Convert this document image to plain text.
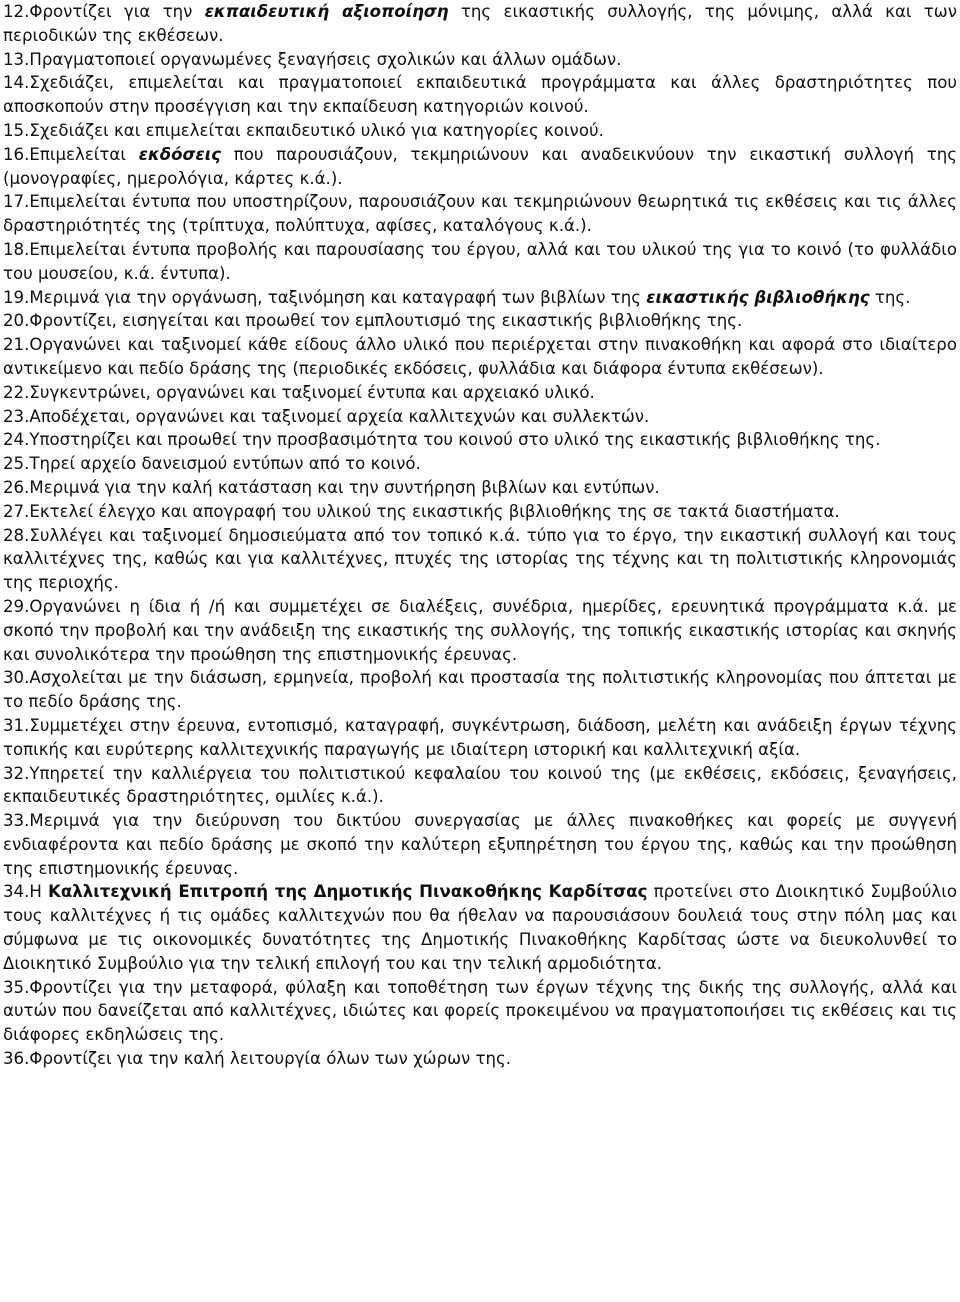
12.Φροντίζει για την εκπαιδευτική αξιοποίηση της εικαστικής συλλογής, της μόνιμης, αλλά και των περιοδικών της εκθέσεων.

13.Πραγματοποιεί οργανωμένες ξεναγήσεις σχολικών και άλλων ομάδων.

14.Σχεδιάζει, επιμελείται και πραγματοποιεί εκπαιδευτικά προγράμματα και άλλες δραστηριότητες που αποσκοπούν στην προσέγγιση και την εκπαίδευση κατηγοριών κοινού.

15.Σχεδιάζει και επιμελείται εκπαιδευτικό υλικό για κατηγορίες κοινού.

16.Επιμελείται εκδόσεις που παρουσιάζουν, τεκμηριώνουν και αναδεικνύουν την εικαστική συλλογή της (μονογραφίες, ημερολόγια, κάρτες κ.ά.).

17.Επιμελείται έντυπα που υποστηρίζουν, παρουσιάζουν και τεκμηριώνουν θεωρητικά τις εκθέσεις και τις άλλες δραστηριότητές της (τρίπτυχα, πολύπτυχα, αφίσες, καταλόγους κ.ά.).

18.Επιμελείται έντυπα προβολής και παρουσίασης του έργου, αλλά και του υλικού της για το κοινό (το φυλλάδιο του μουσείου, κ.ά. έντυπα).

19.Μεριμνά για την οργάνωση, ταξινόμηση και καταγραφή των βιβλίων της εικαστικής βιβλιοθήκης της.

20.Φροντίζει, εισηγείται και προωθεί τον εμπλουτισμό της εικαστικής βιβλιοθήκης της.

21.Οργανώνει και ταξινομεί κάθε είδους άλλο υλικό που περιέρχεται στην πινακοθήκη και αφορά στο ιδιαίτερο αντικείμενο και πεδίο δράσης της (περιοδικές εκδόσεις, φυλλάδια και διάφορα έντυπα εκθέσεων).

22.Συγκεντρώνει, οργανώνει και ταξινομεί έντυπα και αρχειακό υλικό.

23.Αποδέχεται, οργανώνει και ταξινομεί αρχεία καλλιτεχνών και συλλεκτών.

24.Υποστηρίζει και προωθεί την προσβασιμότητα του κοινού στο υλικό της εικαστικής βιβλιοθήκης της.

25.Τηρεί αρχείο δανεισμού εντύπων από το κοινό.

26.Μεριμνά για την καλή κατάσταση και την συντήρηση βιβλίων και εντύπων.

27.Εκτελεί έλεγχο και απογραφή του υλικού της εικαστικής βιβλιοθήκης της σε τακτά διαστήματα.

28.Συλλέγει και ταξινομεί δημοσιεύματα από τον τοπικό κ.ά. τύπο για το έργο, την εικαστική συλλογή και τους καλλιτέχνες της, καθώς και για καλλιτέχνες, πτυχές της ιστορίας της τέχνης και τη πολιτιστικής κληρονομιάς της περιοχής.

29.Οργανώνει η ίδια ή /ή και συμμετέχει σε διαλέξεις, συνέδρια, ημερίδες, ερευνητικά προγράμματα κ.ά. με σκοπό την προβολή και την ανάδειξη της εικαστικής της συλλογής, της τοπικής εικαστικής ιστορίας και σκηνής και συνολικότερα την προώθηση της επιστημονικής έρευνας.

30.Ασχολείται με την διάσωση, ερμηνεία, προβολή και προστασία της πολιτιστικής κληρονομίας που άπτεται με το πεδίο δράσης της.

31.Συμμετέχει στην έρευνα, εντοπισμό, καταγραφή, συγκέντρωση, διάδοση, μελέτη και ανάδειξη έργων τέχνης τοπικής και ευρύτερης καλλιτεχνικής παραγωγής με ιδιαίτερη ιστορική και καλλιτεχνική αξία.

32.Υπηρετεί την καλλιέργεια του πολιτιστικού κεφαλαίου του κοινού της (με εκθέσεις, εκδόσεις, ξεναγήσεις, εκπαιδευτικές δραστηριότητες, ομιλίες κ.ά.).

33.Μεριμνά για την διεύρυνση του δικτύου συνεργασίας με άλλες πινακοθήκες και φορείς με συγγενή ενδιαφέροντα και πεδίο δράσης με σκοπό την καλύτερη εξυπηρέτηση του έργου της, καθώς και την προώθηση της επιστημονικής έρευνας.

34.Η Καλλιτεχνική Επιτροπή της Δημοτικής Πινακοθήκης Καρδίτσας προτείνει στο Διοικητικό Συμβούλιο τους καλλιτέχνες ή τις ομάδες καλλιτεχνών που θα ήθελαν να παρουσιάσουν δουλειά τους στην πόλη μας και σύμφωνα με τις οικονομικές δυνατότητες της Δημοτικής Πινακοθήκης Καρδίτσας ώστε να διευκολυνθεί το Διοικητικό Συμβούλιο για την τελική επιλογή του και την τελική αρμοδιότητα.

35.Φροντίζει για την μεταφορά, φύλαξη και τοποθέτηση των έργων τέχνης της δικής της συλλογής, αλλά και αυτών που δανείζεται από καλλιτέχνες, ιδιώτες και φορείς προκειμένου να πραγματοποιήσει τις εκθέσεις και τις διάφορες εκδηλώσεις της.

36.Φροντίζει για την καλή λειτουργία όλων των χώρων της.
